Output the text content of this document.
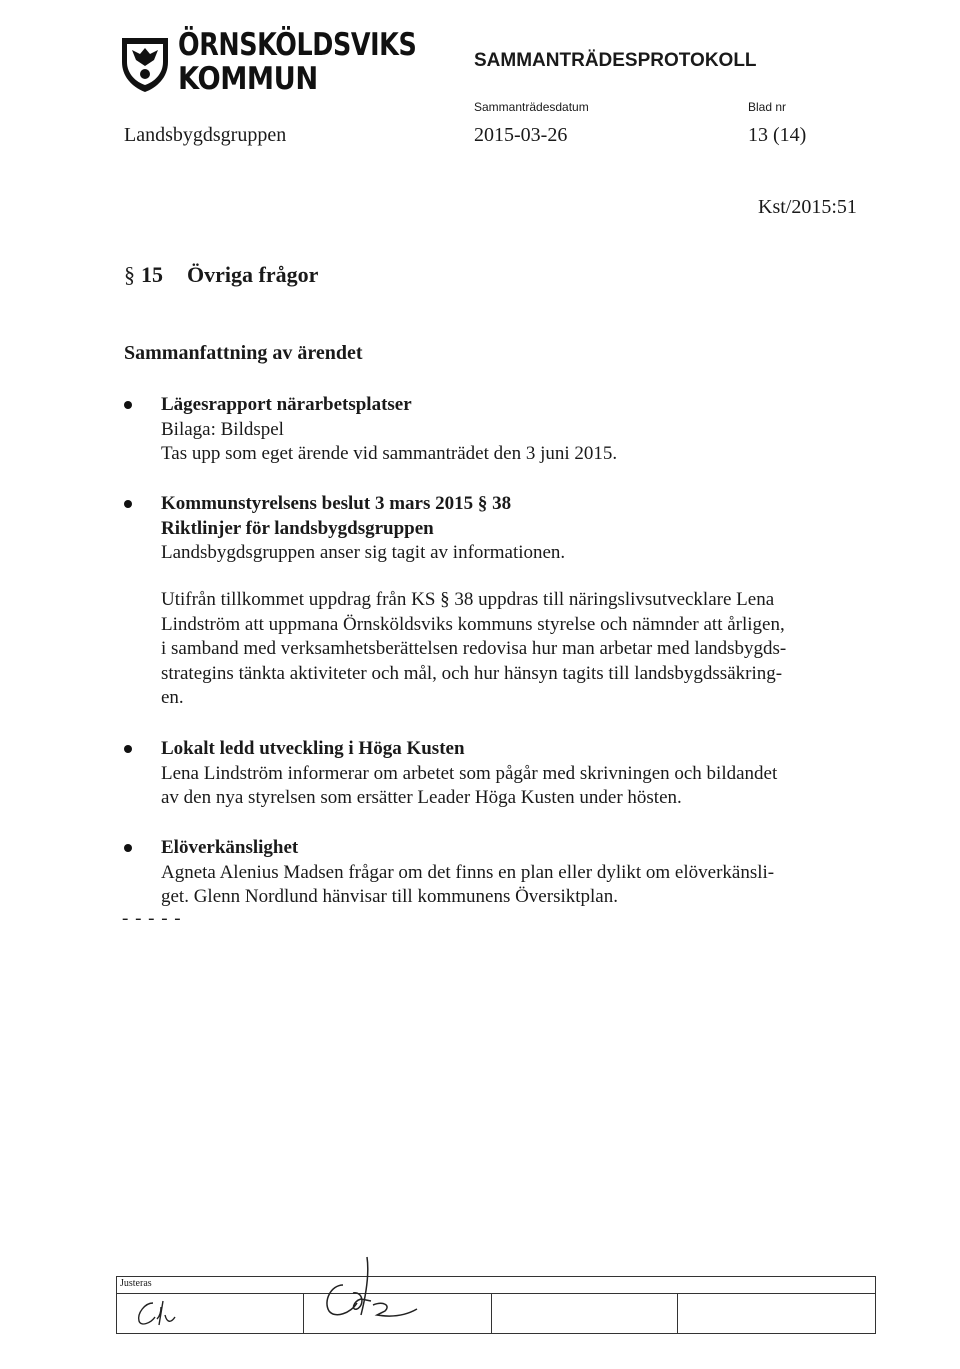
ÖRNSKÖLDSVIKS
KOMMUN
SAMMANTRÄDESPROTOKOLL
Sammanträdesdatum	Blad nr
Landsbygdsgruppen	2015-03-26	13 (14)
Kst/2015:51
§ 15 Övriga frågor
Sammanfattning av ärendet
Lägesrapport närarbetsplatser
Bilaga: Bildspel
Tas upp som eget ärende vid sammanträdet den 3 juni 2015.
Kommunstyrelsens beslut 3 mars 2015 § 38
Riktlinjer för landsbygdsgruppen
Landsbygdsgruppen anser sig tagit av informationen.
Utifrån tillkommet uppdrag från KS § 38 uppdras till näringslivsutvecklare Lena
Lindström att uppmana Örnsköldsviks kommuns styrelse och nämnder att årligen,
i samband med verksamhetsberättelsen redovisa hur man arbetar med landsbygds-
strategins tänkta aktiviteter och mål, och hur hänsyn tagits till landsbygdssäkring-
en.
Lokalt ledd utveckling i Höga Kusten
Lena Lindström informerar om arbetet som pågår med skrivningen och bildandet
av den nya styrelsen som ersätter Leader Höga Kusten under hösten.
Elöverkänslighet
Agneta Alenius Madsen frågar om det finns en plan eller dylikt om elöverkänsli-
get. Glenn Nordlund hänvisar till kommunens Översiktplan.
- - - - -
Justeras
